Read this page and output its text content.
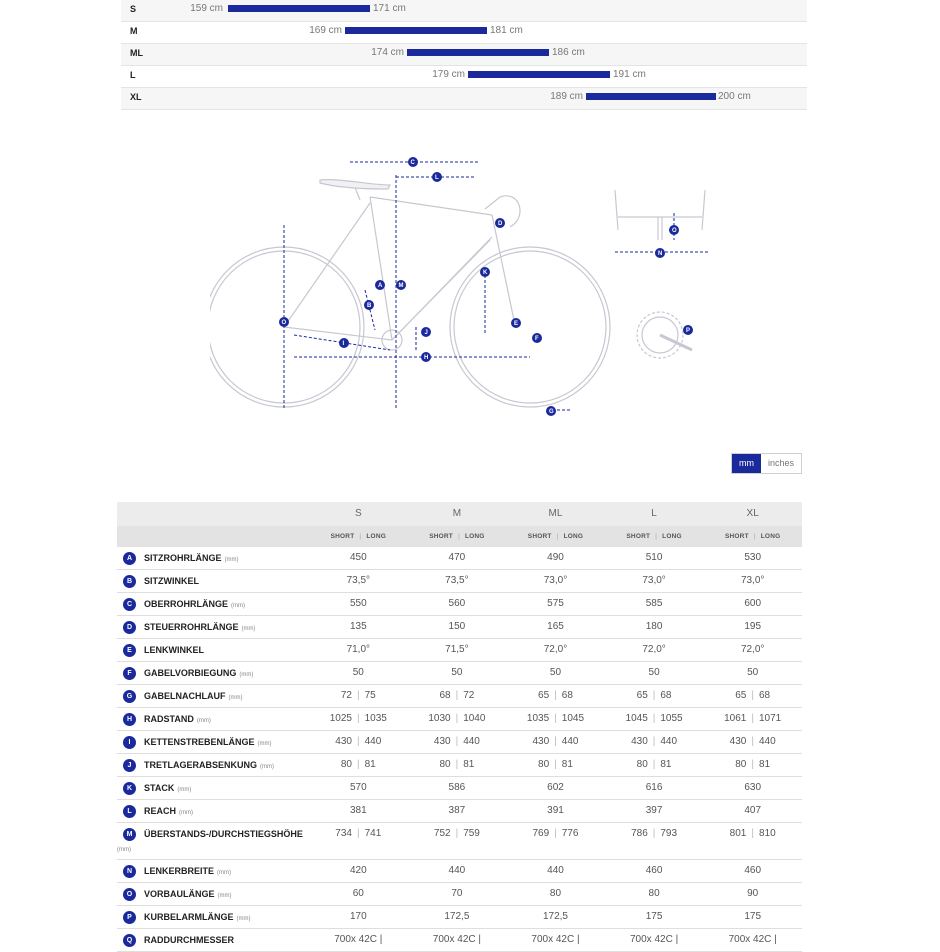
S	159 cm	171 cm
M	169 cm	181 cm
ML	174 cm	186 cm
L	179 cm	191 cm
XL	189 cm	200 cm
C
L
A	M
B
K
D
E
F
O
I
J
H
G
N
O
P
mm	inches
S	M	ML	L	XL
SHORT | LONG	SHORT | LONG	SHORT | LONG	SHORT | LONG	SHORT | LONG
A	SITZROHRLÄNGE (mm)	450	470	490	510	530
B	SITZWINKEL	73,5°	73,5°	73,0°	73,0°	73,0°
C	OBERROHRLÄNGE (mm)	550	560	575	585	600
D	STEUERROHRLÄNGE (mm)	135	150	165	180	195
E	LENKWINKEL	71,0°	71,5°	72,0°	72,0°	72,0°
F	GABELVORBIEGUNG (mm)	50	50	50	50	50
G	GABELNACHLAUF (mm)	72 | 75	68 | 72	65 | 68	65 | 68	65 | 68
H	RADSTAND (mm)	1025 | 1035	1030 | 1040	1035 | 1045	1045 | 1055	1061 | 1071
I	KETTENSTREBENLÄNGE (mm)	430 | 440	430 | 440	430 | 440	430 | 440	430 | 440
J	TRETLAGERABSENKUNG (mm)	80 | 81	80 | 81	80 | 81	80 | 81	80 | 81
K	STACK (mm)	570	586	602	616	630
L	REACH (mm)	381	387	391	397	407
M	ÜBERSTANDS-/DURCHSTIEGSHÖHE
(mm)
734 | 741	752 | 759	769 | 776	786 | 793	801 | 810
N	LENKERBREITE (mm)	420	440	440	460	460
O	VORBAULÄNGE (mm)	60	70	80	80	90
P	KURBELARMLÄNGE (mm)	170	172,5	172,5	175	175
Q	RADDURCHMESSER	700x 42C |	700x 42C |	700x 42C |	700x 42C |	700x 42C |
